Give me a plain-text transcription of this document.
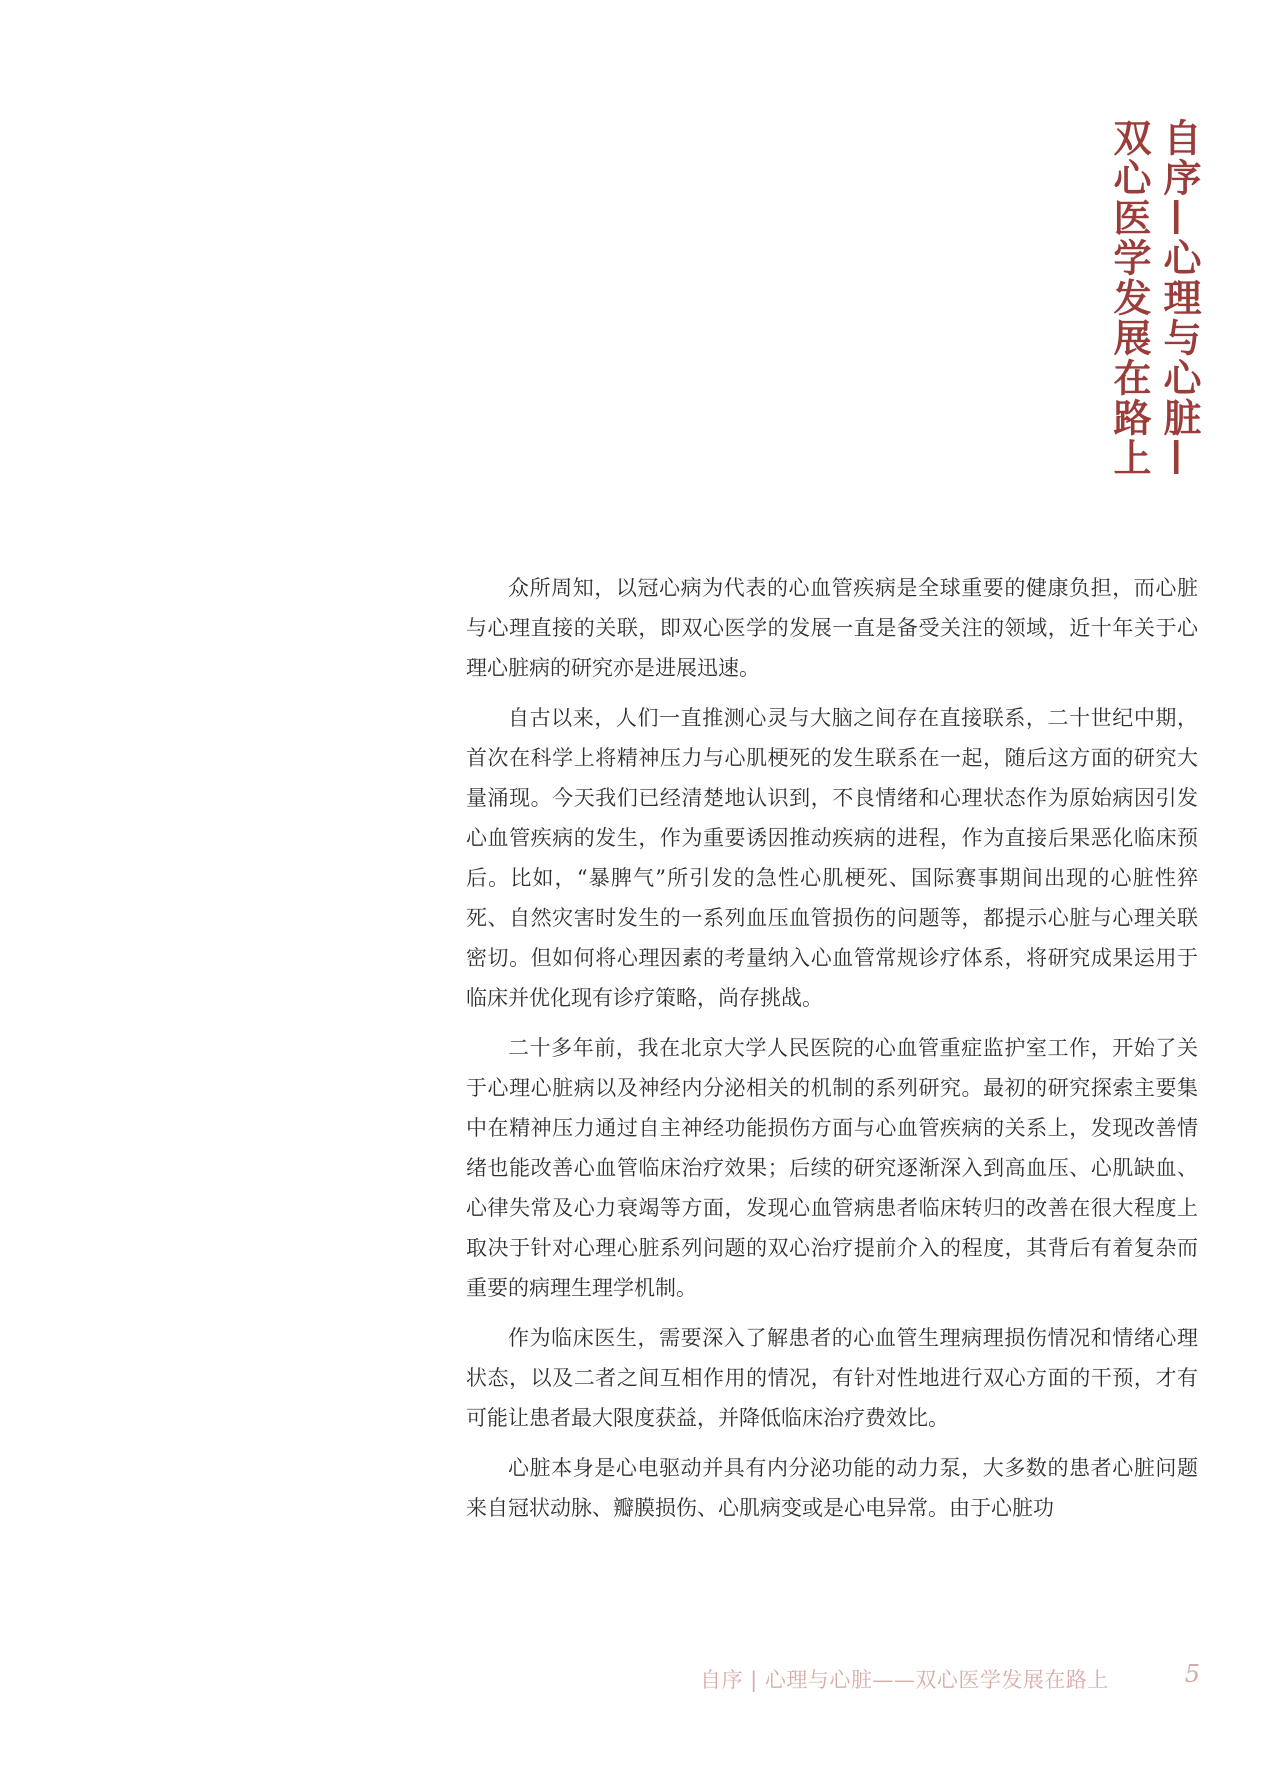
自序—心理与心脏—
双心医学发展在路上

众所周知，以冠心病为代表的心血管疾病是全球重要的健康负担，而心脏与心理直接的关联，即双心医学的发展一直是备受关注的领域，近十年关于心理心脏病的研究亦是进展迅速。

自古以来，人们一直推测心灵与大脑之间存在直接联系，二十世纪中期，首次在科学上将精神压力与心肌梗死的发生联系在一起，随后这方面的研究大量涌现。今天我们已经清楚地认识到，不良情绪和心理状态作为原始病因引发心血管疾病的发生，作为重要诱因推动疾病的进程，作为直接后果恶化临床预后。比如，“暴脾气”所引发的急性心肌梗死、国际赛事期间出现的心脏性猝死、自然灾害时发生的一系列血压血管损伤的问题等，都提示心脏与心理关联密切。但如何将心理因素的考量纳入心血管常规诊疗体系，将研究成果运用于临床并优化现有诊疗策略，尚存挑战。

二十多年前，我在北京大学人民医院的心血管重症监护室工作，开始了关于心理心脏病以及神经内分泌相关的机制的系列研究。最初的研究探索主要集中在精神压力通过自主神经功能损伤方面与心血管疾病的关系上，发现改善情绪也能改善心血管临床治疗效果；后续的研究逐渐深入到高血压、心肌缺血、心律失常及心力衰竭等方面，发现心血管病患者临床转归的改善在很大程度上取决于针对心理心脏系列问题的双心治疗提前介入的程度，其背后有着复杂而重要的病理生理学机制。

作为临床医生，需要深入了解患者的心血管生理病理损伤情况和情绪心理状态，以及二者之间互相作用的情况，有针对性地进行双心方面的干预，才有可能让患者最大限度获益，并降低临床治疗费效比。

心脏本身是心电驱动并具有内分泌功能的动力泵，大多数的患者心脏问题来自冠状动脉、瓣膜损伤、心肌病变或是心电异常。由于心脏功

自序 | 心理与心脏——双心医学发展在路上	5
